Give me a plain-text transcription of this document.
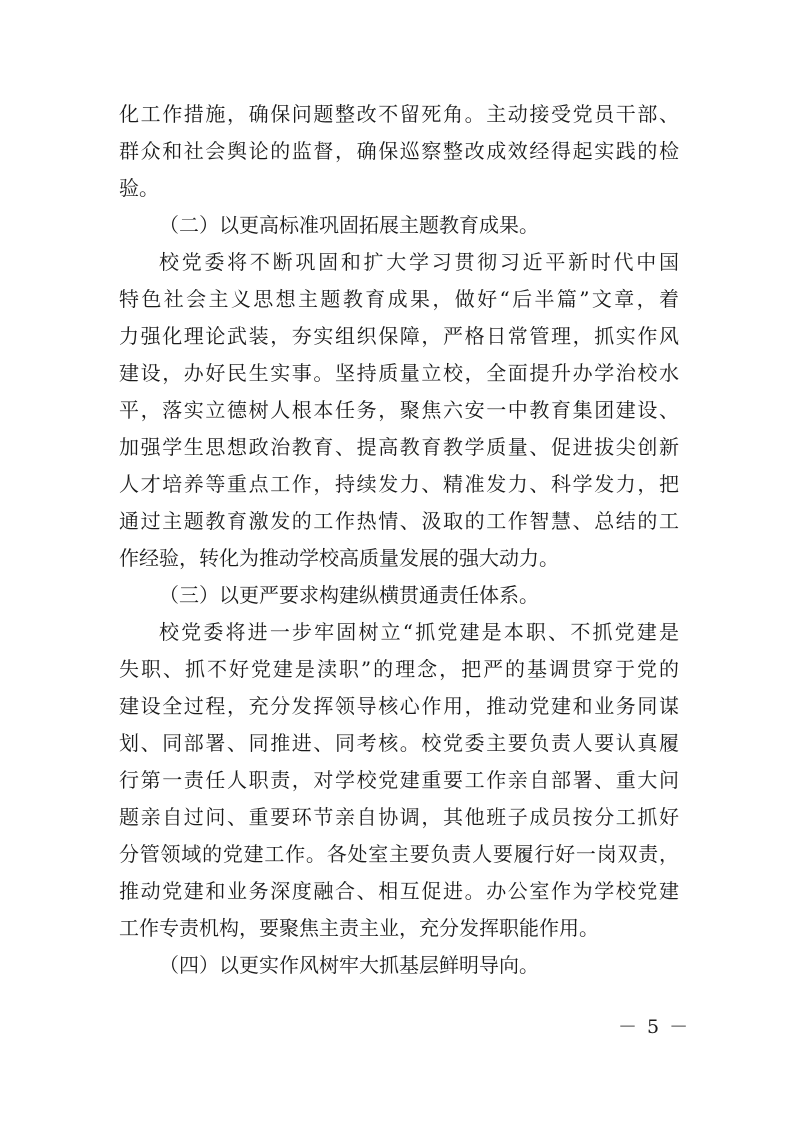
化工作措施，确保问题整改不留死角。主动接受党员干部、
群众和社会舆论的监督，确保巡察整改成效经得起实践的检
验。
（二）以更高标准巩固拓展主题教育成果。
校党委将不断巩固和扩大学习贯彻习近平新时代中国
特色社会主义思想主题教育成果，做好“后半篇”文章，着
力强化理论武装，夯实组织保障，严格日常管理，抓实作风
建设，办好民生实事。坚持质量立校，全面提升办学治校水
平，落实立德树人根本任务，聚焦六安一中教育集团建设、
加强学生思想政治教育、提高教育教学质量、促进拔尖创新
人才培养等重点工作，持续发力、精准发力、科学发力，把
通过主题教育激发的工作热情、汲取的工作智慧、总结的工
作经验，转化为推动学校高质量发展的强大动力。
（三）以更严要求构建纵横贯通责任体系。
校党委将进一步牢固树立“抓党建是本职、不抓党建是
失职、抓不好党建是渎职”的理念，把严的基调贯穿于党的
建设全过程，充分发挥领导核心作用，推动党建和业务同谋
划、同部署、同推进、同考核。校党委主要负责人要认真履
行第一责任人职责，对学校党建重要工作亲自部署、重大问
题亲自过问、重要环节亲自协调，其他班子成员按分工抓好
分管领域的党建工作。各处室主要负责人要履行好一岗双责，
推动党建和业务深度融合、相互促进。办公室作为学校党建
工作专责机构，要聚焦主责主业，充分发挥职能作用。
（四）以更实作风树牢大抓基层鲜明导向。
－ 5 －
